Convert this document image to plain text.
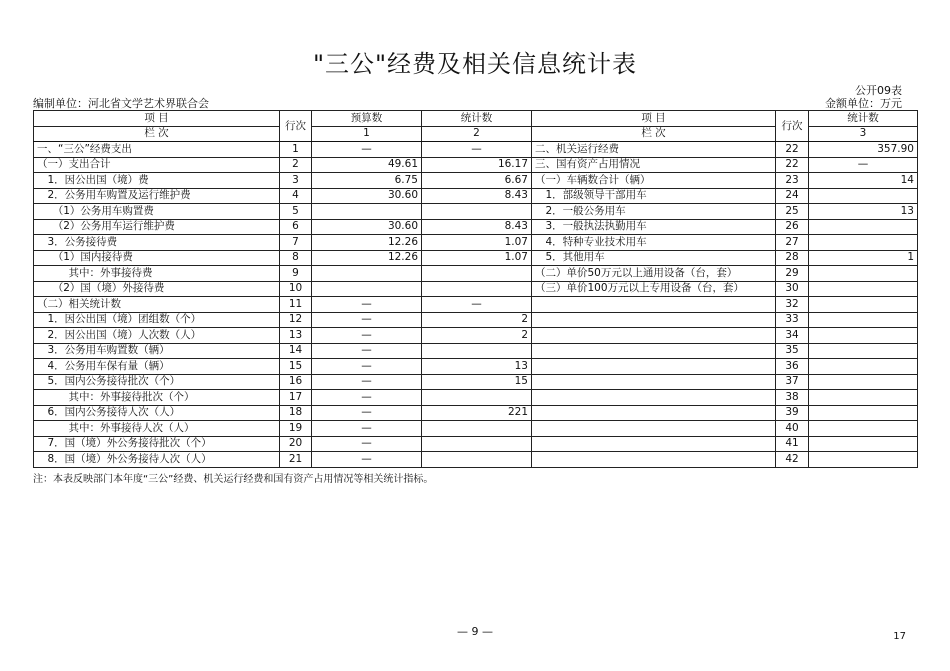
"三公"经费及相关信息统计表
公开09表
编制单位：河北省文学艺术界联合会	金额单位：万元
项 目	行次	预算数	统计数	项 目	行次	统计数
栏 次		1	2	栏 次		3
一、“三公”经费支出	1	—	—	二、机关运行经费	22	357.90
（一）支出合计	2	49.61	16.17	三、国有资产占用情况	22	—
　1．因公出国（境）费	3	6.75	6.67	（一）车辆数合计（辆）	23	14
　2．公务用车购置及运行维护费	4	30.60	8.43	　1．部级领导干部用车	24	
　　（1）公务用车购置费	5			　2．一般公务用车	25	13
　　（2）公务用车运行维护费	6	30.60	8.43	　3．一般执法执勤用车	26	
　3．公务接待费	7	12.26	1.07	　4．特种专业技术用车	27	
　　（1）国内接待费	8	12.26	1.07	　5．其他用车	28	1
　　　其中：外事接待费	9			（二）单价50万元以上通用设备（台，套）	29	
　　（2）国（境）外接待费	10			（三）单价100万元以上专用设备（台，套）	30	
（二）相关统计数	11	—	—		32	
　1．因公出国（境）团组数（个）	12	—	2		33	
　2．因公出国（境）人次数（人）	13	—	2		34	
　3．公务用车购置数（辆）	14	—			35	
　4．公务用车保有量（辆）	15	—	13		36	
　5．国内公务接待批次（个）	16	—	15		37	
　　　其中：外事接待批次（个）	17	—			38	
　6．国内公务接待人次（人）	18	—	221		39	
　　　其中：外事接待人次（人）	19	—			40	
　7．国（境）外公务接待批次（个）	20	—			41	
　8．国（境）外公务接待人次（人）	21	—			42	
注：本表反映部门本年度“三公”经费、机关运行经费和国有资产占用情况等相关统计指标。
— 9 —	17
